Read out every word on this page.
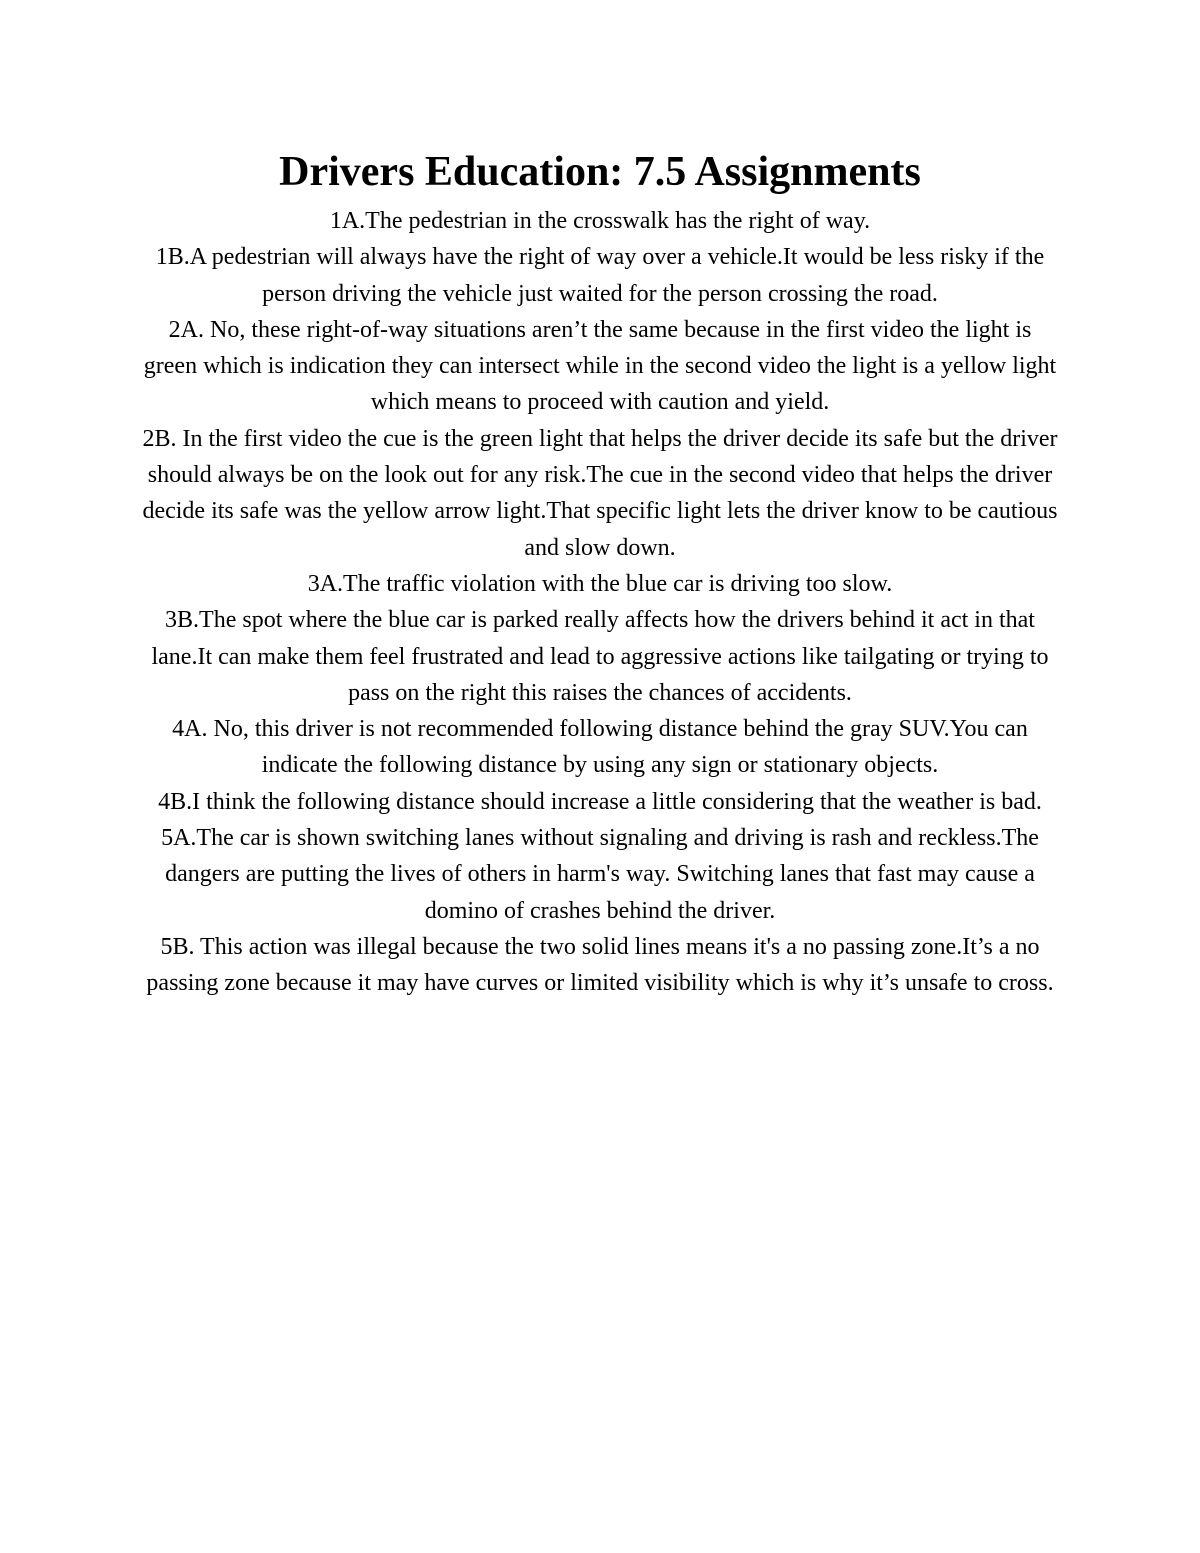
Drivers Education: 7.5 Assignments

1A.The pedestrian in the crosswalk has the right of way.

1B.A pedestrian will always have the right of way over a vehicle.It would be less risky if the person driving the vehicle just waited for the person crossing the road.

2A. No, these right-of-way situations aren’t the same because in the first video the light is green which is indication they can intersect while in the second video the light is a yellow light which means to proceed with caution and yield.

2B. In the first video the cue is the green light that helps the driver decide its safe but the driver should always be on the look out for any risk.The cue in the second video that helps the driver decide its safe was the yellow arrow light.That specific light lets the driver know to be cautious and slow down.

3A.The traffic violation with the blue car is driving too slow.

3B.The spot where the blue car is parked really affects how the drivers behind it act in that lane.It can make them feel frustrated and lead to aggressive actions like tailgating or trying to pass on the right this raises the chances of accidents.

4A. No, this driver is not recommended following distance behind the gray SUV.You can indicate the following distance by using any sign or stationary objects.

4B.I think the following distance should increase a little considering that the weather is bad.

5A.The car is shown switching lanes without signaling and driving is rash and reckless.The dangers are putting the lives of others in harm's way. Switching lanes that fast may cause a domino of crashes behind the driver.

5B. This action was illegal because the two solid lines means it's a no passing zone.It’s a no passing zone because it may have curves or limited visibility which is why it’s unsafe to cross.
